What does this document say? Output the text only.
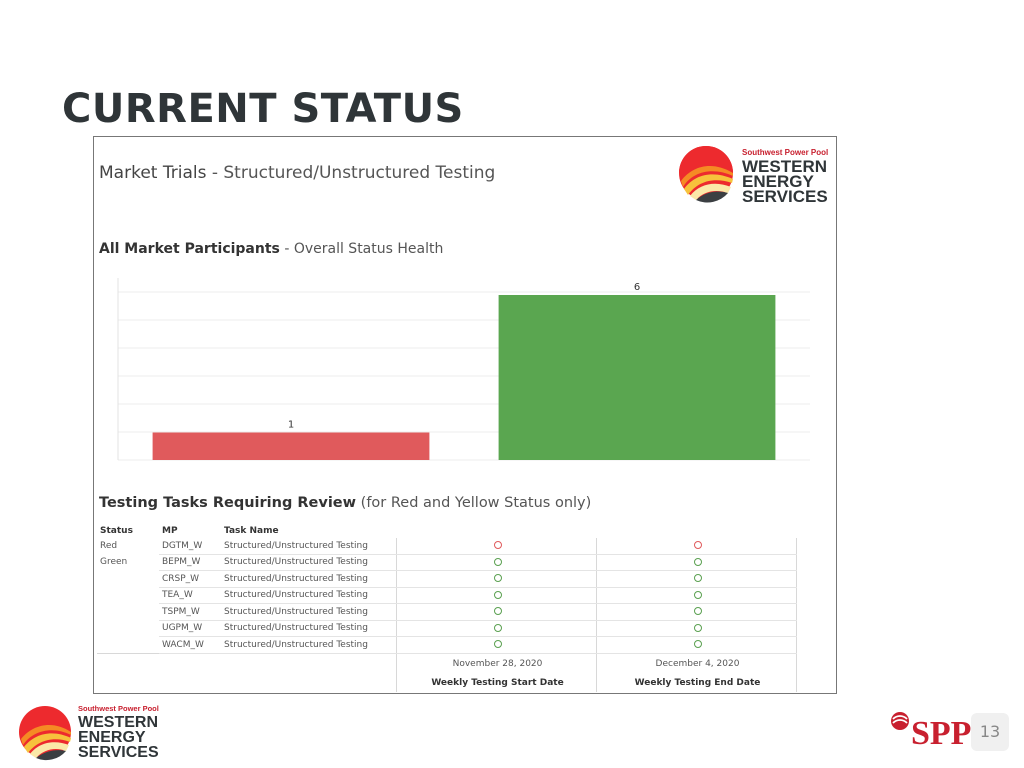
CURRENT STATUS
Market Trials - Structured/Unstructured Testing
Southwest Power Pool
WESTERN
ENERGY
SERVICES
All Market Participants - Overall Status Health
1
6
Testing Tasks Requiring Review (for Red and Yellow Status only)
Status	MP	Task Name		
Red	DGTM_W	Structured/Unstructured Testing		
Green	BEPM_W	Structured/Unstructured Testing		
	CRSP_W	Structured/Unstructured Testing		
	TEA_W	Structured/Unstructured Testing		
	TSPM_W	Structured/Unstructured Testing		
	UGPM_W	Structured/Unstructured Testing		
	WACM_W	Structured/Unstructured Testing		
			November 28, 2020	December 4, 2020
			Weekly Testing Start Date	Weekly Testing End Date
Southwest Power Pool
WESTERN
ENERGY
SERVICES
SPP 13
